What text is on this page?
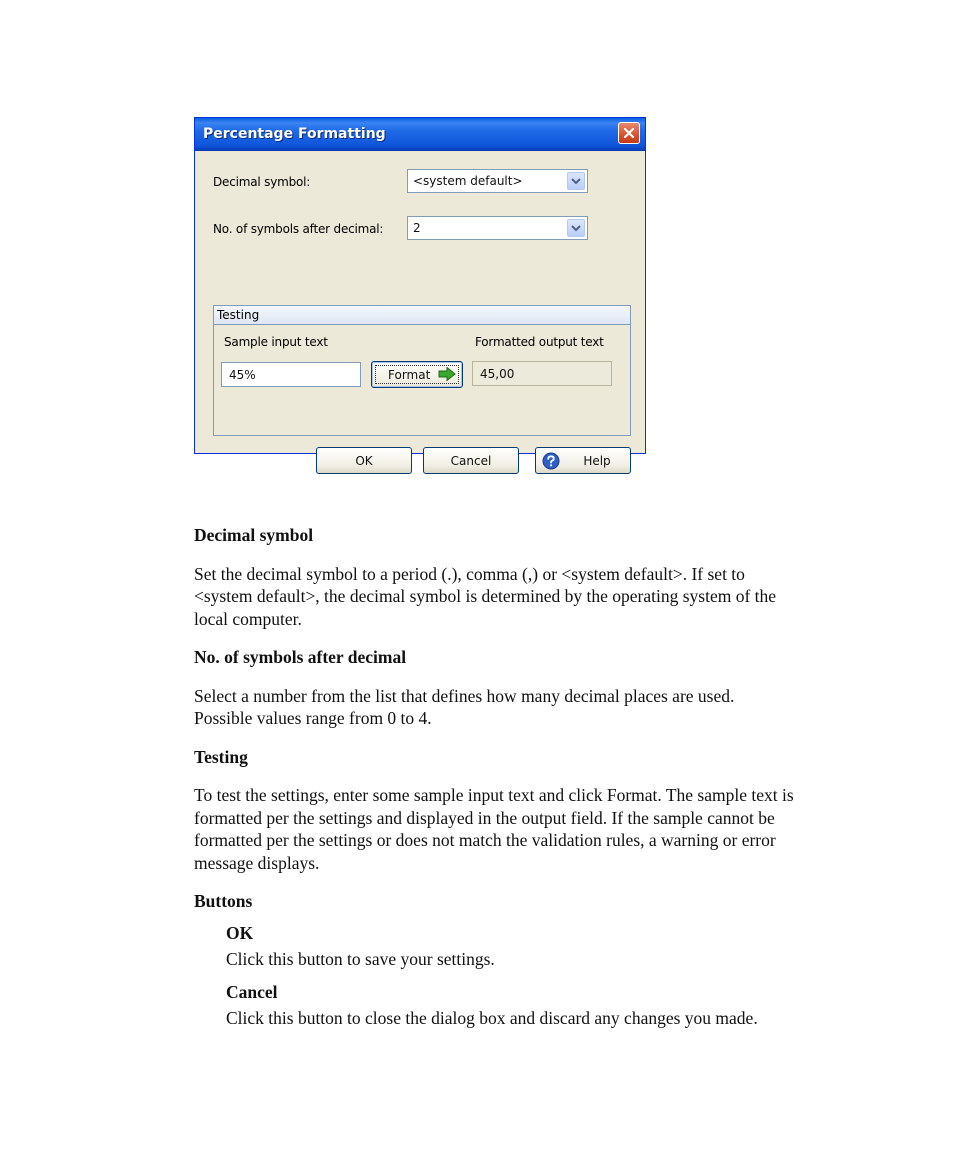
Percentage Formatting
Decimal symbol:	<system default>
No. of symbols after decimal: 2
Testing
Sample input text	Formatted output text
45%	Format	45,00
OK	Cancel	Help
Decimal symbol

Set the decimal symbol to a period (.), comma (,) or <system default>. If set to

<system default>, the decimal symbol is determined by the operating system of the

local computer.

No. of symbols after decimal

Select a number from the list that defines how many decimal places are used.

Possible values range from 0 to 4.

Testing

To test the settings, enter some sample input text and click Format. The sample text is

formatted per the settings and displayed in the output field. If the sample cannot be

formatted per the settings or does not match the validation rules, a warning or error

message displays.

Buttons
OK

Click this button to save your settings.

Cancel

Click this button to close the dialog box and discard any changes you made.
